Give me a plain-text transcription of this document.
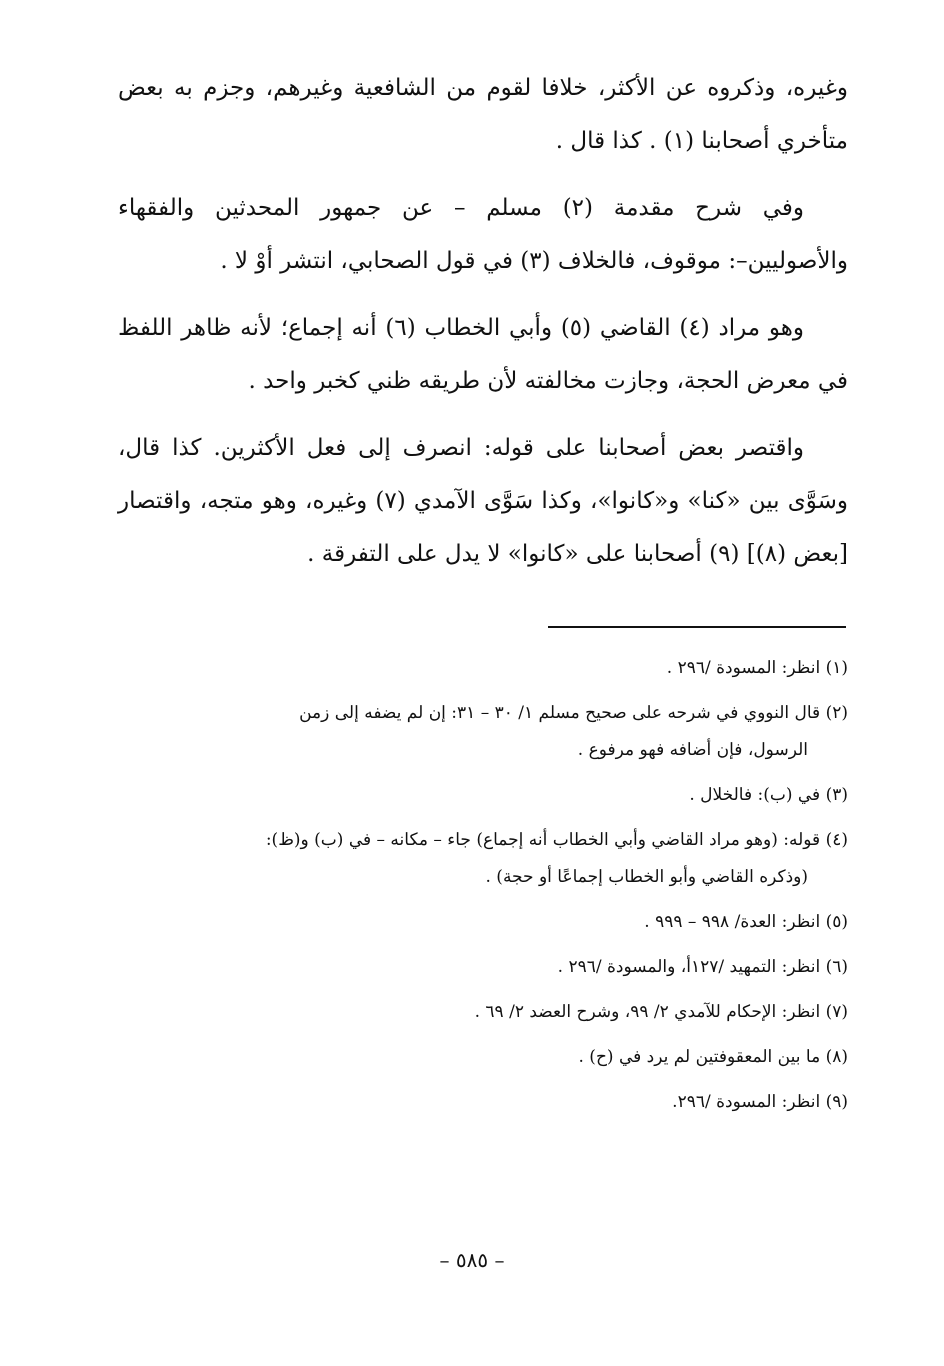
وغيره، وذكروه عن الأكثر، خلافا لقوم من الشافعية وغيرهم، وجزم به بعض متأخري أصحابنا (١) . كذا قال .

وفي شرح مقدمة (٢) مسلم – عن جمهور المحدثين والفقهاء والأصوليين–: موقوف، فالخلاف (٣) في قول الصحابي، انتشر أوْ لا .

وهو مراد (٤) القاضي (٥) وأبي الخطاب (٦) أنه إجماع؛ لأنه ظاهر اللفظ في معرض الحجة، وجازت مخالفته لأن طريقه ظني كخبر واحد .

واقتصر بعض أصحابنا على قوله: انصرف إلى فعل الأكثرين. كذا قال، وسَوَّى بين «كنا» و«كانوا»، وكذا سَوَّى الآمدي (٧) وغيره، وهو متجه، واقتصار [بعض (٨)] (٩) أصحابنا على «كانوا» لا يدل على التفرقة .

(١) انظر: المسودة /٢٩٦ .
(٢) قال النووي في شرحه على صحيح مسلم ١/ ٣٠ – ٣١: إن لم يضفه إلى زمن
الرسول، فإن أضافه فهو مرفوع .
(٣) في (ب): فالخلال .
(٤) قوله: (وهو مراد القاضي وأبي الخطاب أنه إجماع) جاء – مكانه – في (ب) و(ظ):
(وذكره القاضي وأبو الخطاب إجماعًا أو حجة) .
(٥) انظر: العدة/ ٩٩٨ – ٩٩٩ .
(٦) انظر: التمهيد /١٢٧أ، والمسودة /٢٩٦ .
(٧) انظر: الإحكام للآمدي ٢/ ٩٩، وشرح العضد ٢/ ٦٩ .
(٨) ما بين المعقوفتين لم يرد في (ح) .
(٩) انظر: المسودة /٢٩٦.
– ٥٨٥ –
